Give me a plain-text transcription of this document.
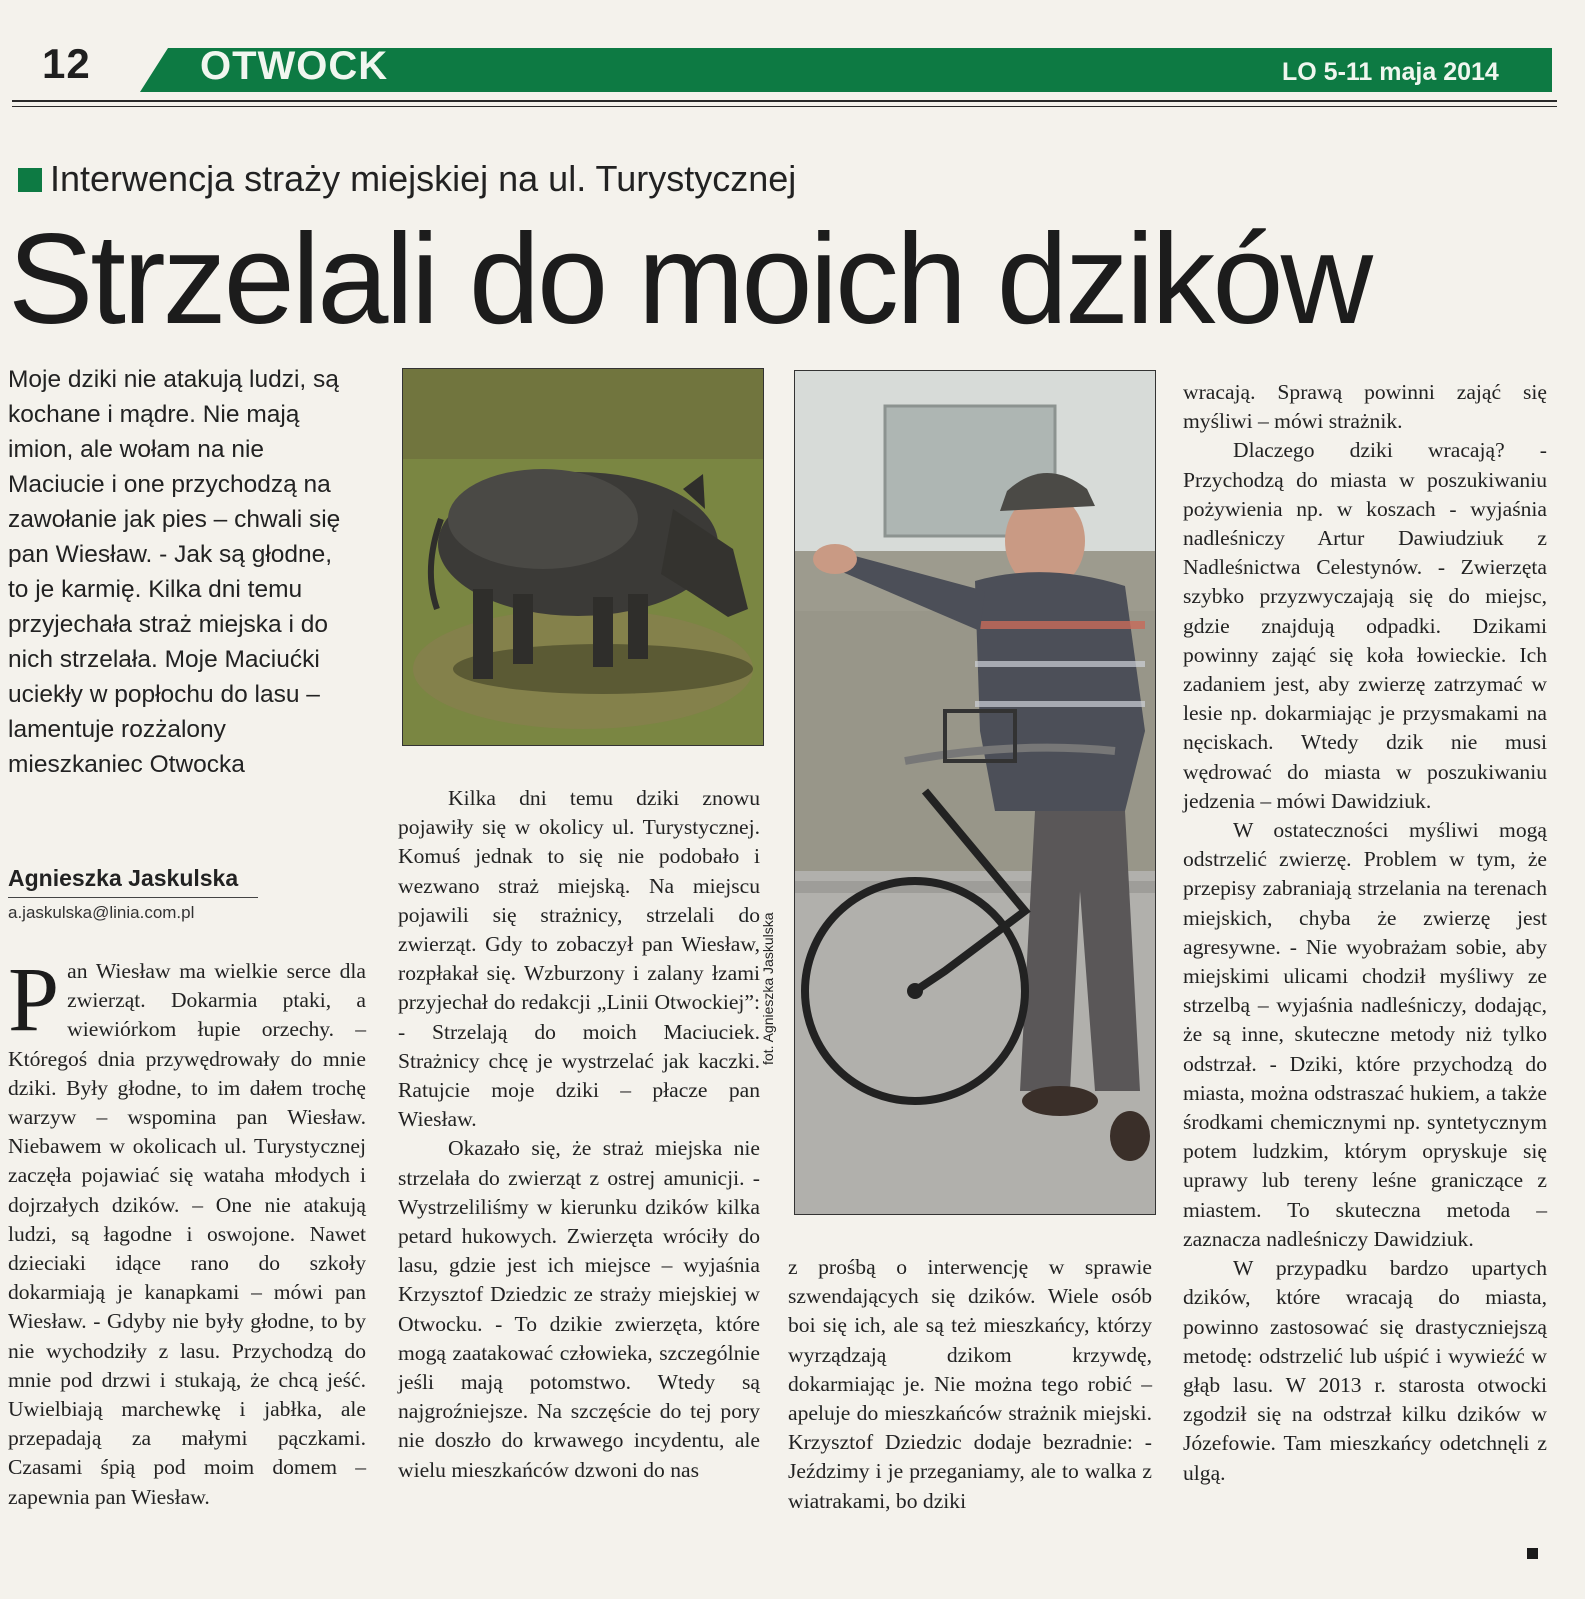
12	OTWOCK	LO 5-11 maja 2014
Interwencja straży miejskiej na ul. Turystycznej
Strzelali do moich dzików
Moje dziki nie atakują ludzi, są kochane i mądre. Nie mają imion, ale wołam na nie Maciucie i one przychodzą na zawołanie jak pies – chwali się pan Wiesław. - Jak są głodne, to je karmię. Kilka dni temu przyjechała straż miejska i do nich strzelała. Moje Maciućki uciekły w popłochu do lasu – lamentuje rozżalony mieszkaniec Otwocka
Agnieszka Jaskulska
a.jaskulska@linia.com.pl

Pan Wiesław ma wielkie serce dla zwierząt. Dokarmia ptaki, a wiewiórkom łupie orzechy. – Któregoś dnia przywędrowały do mnie dziki. Były głodne, to im dałem trochę warzyw – wspomina pan Wiesław. Niebawem w okolicach ul. Turystycznej zaczęła pojawiać się wataha młodych i dojrzałych dzików. – One nie atakują ludzi, są łagodne i oswojone. Nawet dzieciaki idące rano do szkoły dokarmiają je kanapkami – mówi pan Wiesław. - Gdyby nie były głodne, to by nie wychodziły z lasu. Przychodzą do mnie pod drzwi i stukają, że chcą jeść. Uwielbiają marchewkę i jabłka, ale przepadają za małymi pączkami. Czasami śpią pod moim domem – zapewnia pan Wiesław.

fot. Agnieszka Jaskulska

Kilka dni temu dziki znowu pojawiły się w okolicy ul. Turystycznej. Komuś jednak to się nie podobało i wezwano straż miejską. Na miejscu pojawili się strażnicy, strzelali do zwierząt. Gdy to zobaczył pan Wiesław, rozpłakał się. Wzburzony i zalany łzami przyjechał do redakcji „Linii Otwockiej”: - Strzelają do moich Maciuciek. Strażnicy chcę je wystrzelać jak kaczki. Ratujcie moje dziki – płacze pan Wiesław.

Okazało się, że straż miejska nie strzelała do zwierząt z ostrej amunicji. - Wystrzeliliśmy w kierunku dzików kilka petard hukowych. Zwierzęta wróciły do lasu, gdzie jest ich miejsce – wyjaśnia Krzysztof Dziedzic ze straży miejskiej w Otwocku. - To dzikie zwierzęta, które mogą zaatakować człowieka, szczególnie jeśli mają potomstwo. Wtedy są najgroźniejsze. Na szczęście do tej pory nie doszło do krwawego incydentu, ale wielu mieszkańców dzwoni do nas

z prośbą o interwencję w sprawie szwendających się dzików. Wiele osób boi się ich, ale są też mieszkańcy, którzy wyrządzają dzikom krzywdę, dokarmiając je. Nie można tego robić – apeluje do mieszkańców strażnik miejski. Krzysztof Dziedzic dodaje bezradnie: - Jeździmy i je przeganiamy, ale to walka z wiatrakami, bo dziki

wracają. Sprawą powinni zająć się myśliwi – mówi strażnik.

Dlaczego dziki wracają? - Przychodzą do miasta w poszukiwaniu pożywienia np. w koszach - wyjaśnia nadleśniczy Artur Dawiudziuk z Nadleśnictwa Celestynów. - Zwierzęta szybko przyzwyczajają się do miejsc, gdzie znajdują odpadki. Dzikami powinny zająć się koła łowieckie. Ich zadaniem jest, aby zwierzę zatrzymać w lesie np. dokarmiając je przysmakami na nęciskach. Wtedy dzik nie musi wędrować do miasta w poszukiwaniu jedzenia – mówi Dawidziuk.

W ostateczności myśliwi mogą odstrzelić zwierzę. Problem w tym, że przepisy zabraniają strzelania na terenach miejskich, chyba że zwierzę jest agresywne. - Nie wyobrażam sobie, aby miejskimi ulicami chodził myśliwy ze strzelbą – wyjaśnia nadleśniczy, dodając, że są inne, skuteczne metody niż tylko odstrzał. - Dziki, które przychodzą do miasta, można odstraszać hukiem, a także środkami chemicznymi np. syntetycznym potem ludzkim, którym opryskuje się uprawy lub tereny leśne graniczące z miastem. To skuteczna metoda – zaznacza nadleśniczy Dawidziuk.

W przypadku bardzo upartych dzików, które wracają do miasta, powinno zastosować się drastyczniejszą metodę: odstrzelić lub uśpić i wywieźć w głąb lasu. W 2013 r. starosta otwocki zgodził się na odstrzał kilku dzików w Józefowie. Tam mieszkańcy odetchnęli z ulgą.
